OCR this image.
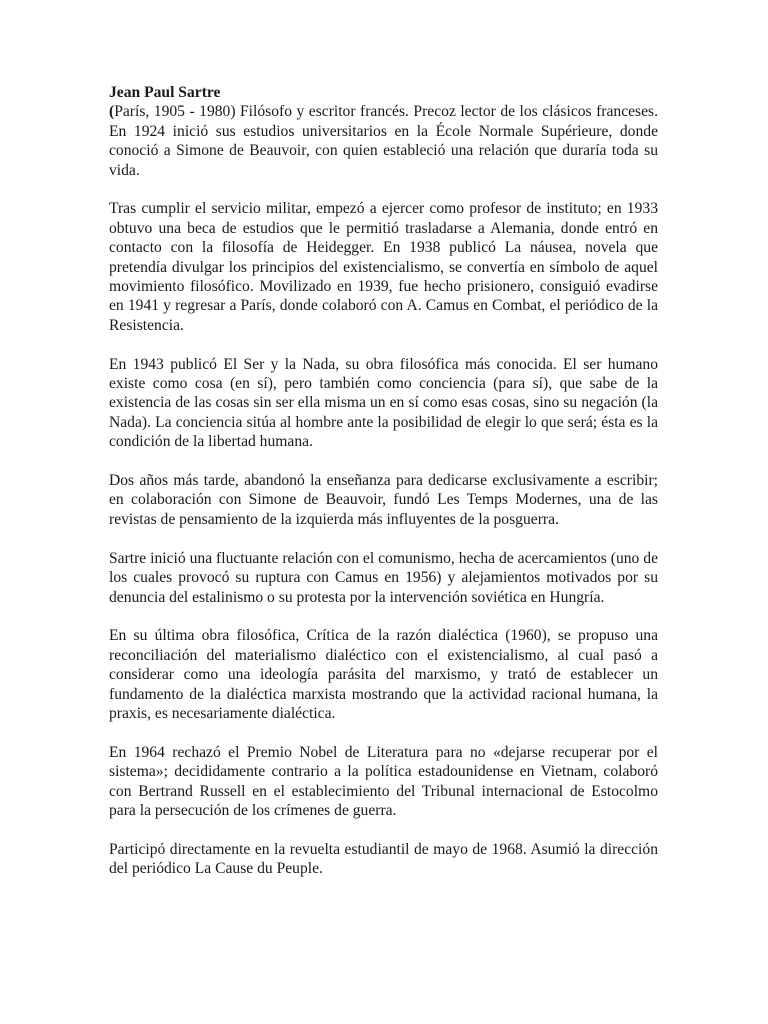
Jean Paul Sartre

(París, 1905 - 1980) Filósofo y escritor francés. Precoz lector de los clásicos franceses. En 1924 inició sus estudios universitarios en la École Normale Supérieure, donde conoció a Simone de Beauvoir, con quien estableció una relación que duraría toda su vida.

Tras cumplir el servicio militar, empezó a ejercer como profesor de instituto; en 1933 obtuvo una beca de estudios que le permitió trasladarse a Alemania, donde entró en contacto con la filosofía de Heidegger. En 1938 publicó La náusea, novela que pretendía divulgar los principios del existencialismo, se convertía en símbolo de aquel movimiento filosófico. Movilizado en 1939, fue hecho prisionero, consiguió evadirse en 1941 y regresar a París, donde colaboró con A. Camus en Combat, el periódico de la Resistencia.

En 1943 publicó El Ser y la Nada, su obra filosófica más conocida. El ser humano existe como cosa (en sí), pero también como conciencia (para sí), que sabe de la existencia de las cosas sin ser ella misma un en sí como esas cosas, sino su negación (la Nada). La conciencia sitúa al hombre ante la posibilidad de elegir lo que será; ésta es la condición de la libertad humana.

Dos años más tarde, abandonó la enseñanza para dedicarse exclusivamente a escribir; en colaboración con Simone de Beauvoir, fundó Les Temps Modernes, una de las revistas de pensamiento de la izquierda más influyentes de la posguerra.

Sartre inició una fluctuante relación con el comunismo, hecha de acercamientos (uno de los cuales provocó su ruptura con Camus en 1956) y alejamientos motivados por su denuncia del estalinismo o su protesta por la intervención soviética en Hungría.

En su última obra filosófica, Crítica de la razón dialéctica (1960), se propuso una reconciliación del materialismo dialéctico con el existencialismo, al cual pasó a considerar como una ideología parásita del marxismo, y trató de establecer un fundamento de la dialéctica marxista mostrando que la actividad racional humana, la praxis, es necesariamente dialéctica.

En 1964 rechazó el Premio Nobel de Literatura para no «dejarse recuperar por el sistema»; decididamente contrario a la política estadounidense en Vietnam, colaboró con Bertrand Russell en el establecimiento del Tribunal internacional de Estocolmo para la persecución de los crímenes de guerra.

Participó directamente en la revuelta estudiantil de mayo de 1968. Asumió la dirección del periódico La Cause du Peuple.
